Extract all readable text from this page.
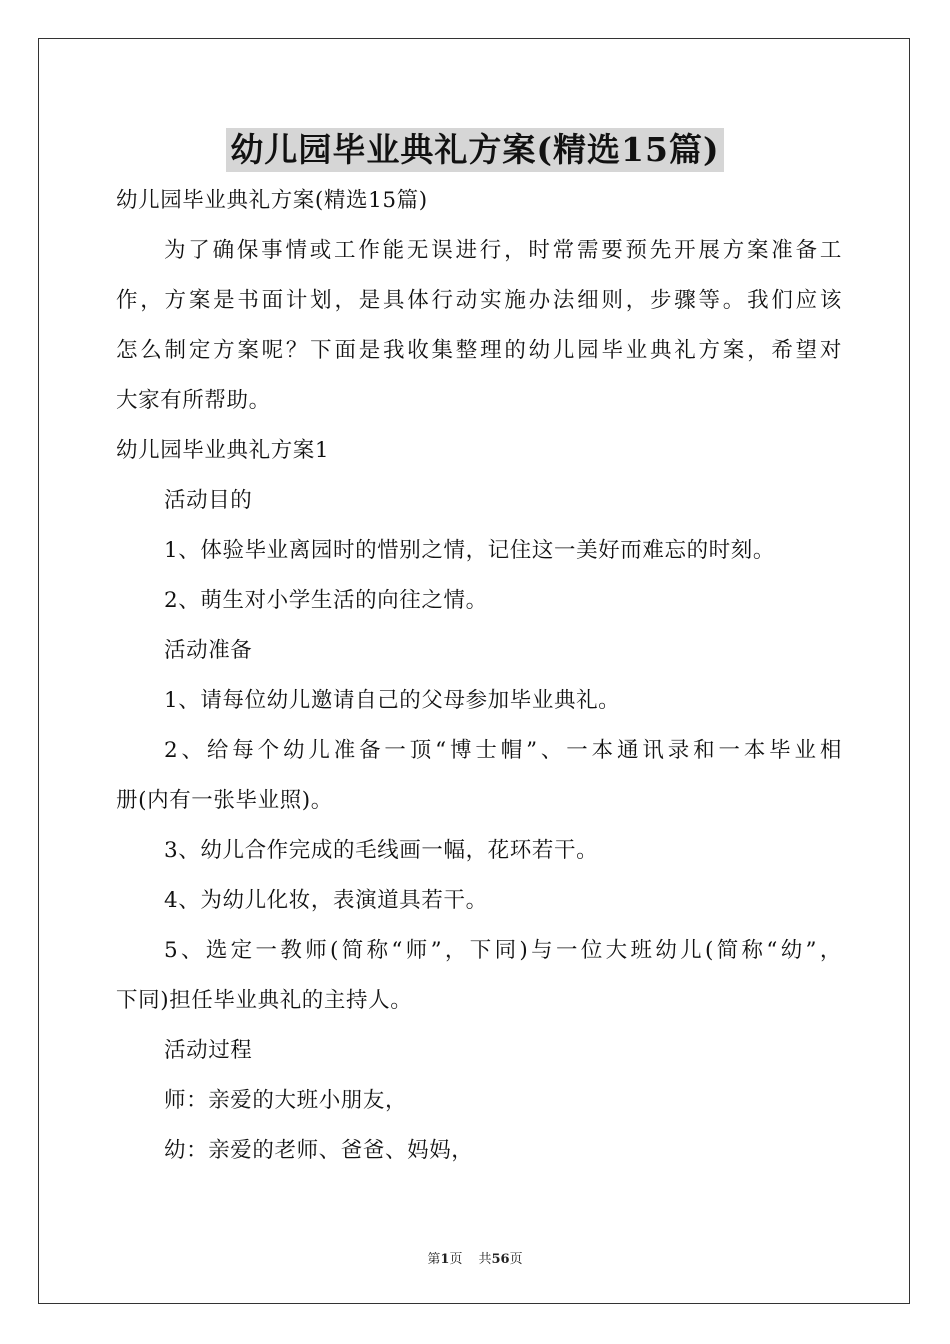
幼儿园毕业典礼方案(精选15篇)
幼儿园毕业典礼方案(精选15篇)
为了确保事情或工作能无误进行，时常需要预先开展方案准备工
作，方案是书面计划，是具体行动实施办法细则，步骤等。我们应该
怎么制定方案呢？下面是我收集整理的幼儿园毕业典礼方案，希望对
大家有所帮助。
幼儿园毕业典礼方案1
活动目的
1、体验毕业离园时的惜别之情，记住这一美好而难忘的时刻。
2、萌生对小学生活的向往之情。
活动准备
1、请每位幼儿邀请自己的父母参加毕业典礼。
2、给每个幼儿准备一顶“博士帽”、一本通讯录和一本毕业相
册(内有一张毕业照)。
3、幼儿合作完成的毛线画一幅，花环若干。
4、为幼儿化妆，表演道具若干。
5、选定一教师(简称“师”，下同)与一位大班幼儿(简称“幼”，
下同)担任毕业典礼的主持人。
活动过程
师：亲爱的大班小朋友，
幼：亲爱的老师、爸爸、妈妈，
第1页 共56页
